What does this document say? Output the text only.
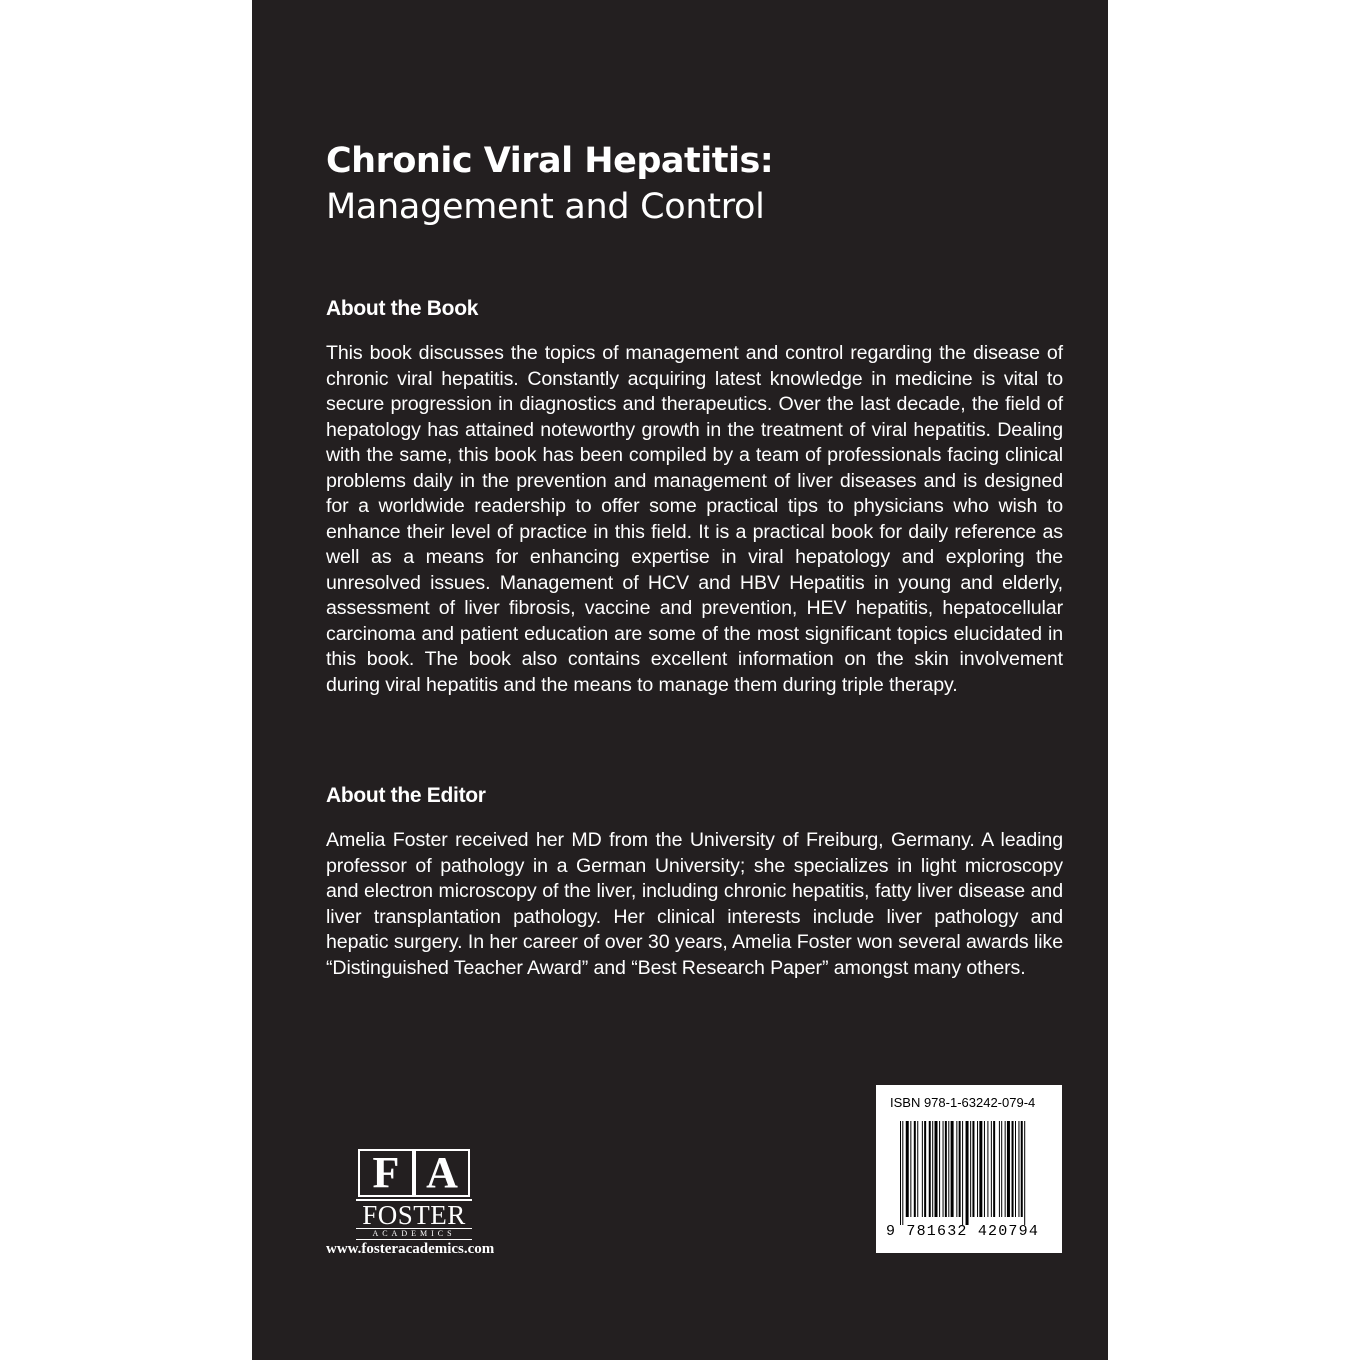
Chronic Viral Hepatitis:
Management and Control
About the Book
This book discusses the topics of management and control regarding the disease of chronic viral hepatitis. Constantly acquiring latest knowledge in medicine is vital to secure progression in diagnostics and therapeutics. Over the last decade, the field of hepatology has attained noteworthy growth in the treatment of viral hepatitis. Dealing with the same, this book has been compiled by a team of professionals facing clinical problems daily in the prevention and management of liver diseases and is designed for a worldwide readership to offer some practical tips to physicians who wish to enhance their level of practice in this field. It is a practical book for daily reference as well as a means for enhancing expertise in viral hepatology and exploring the unresolved issues. Management of HCV and HBV Hepatitis in young and elderly, assessment of liver fibrosis, vaccine and prevention, HEV hepatitis, hepatocellular carcinoma and patient education are some of the most significant topics elucidated in this book. The book also contains excellent information on the skin involvement during viral hepatitis and the means to manage them during triple therapy.
About the Editor
Amelia Foster received her MD from the University of Freiburg, Germany. A leading professor of pathology in a German University; she specializes in light microscopy and electron microscopy of the liver, including chronic hepatitis, fatty liver disease and liver transplantation pathology. Her clinical interests include liver pathology and hepatic surgery. In her career of over 30 years, Amelia Foster won several awards like “Distinguished Teacher Award” and “Best Research Paper” amongst many others.
F A
FOSTER
ACADEMICS
www.fosteracademics.com
ISBN 978-1-63242-079-4
9 781632 420794
